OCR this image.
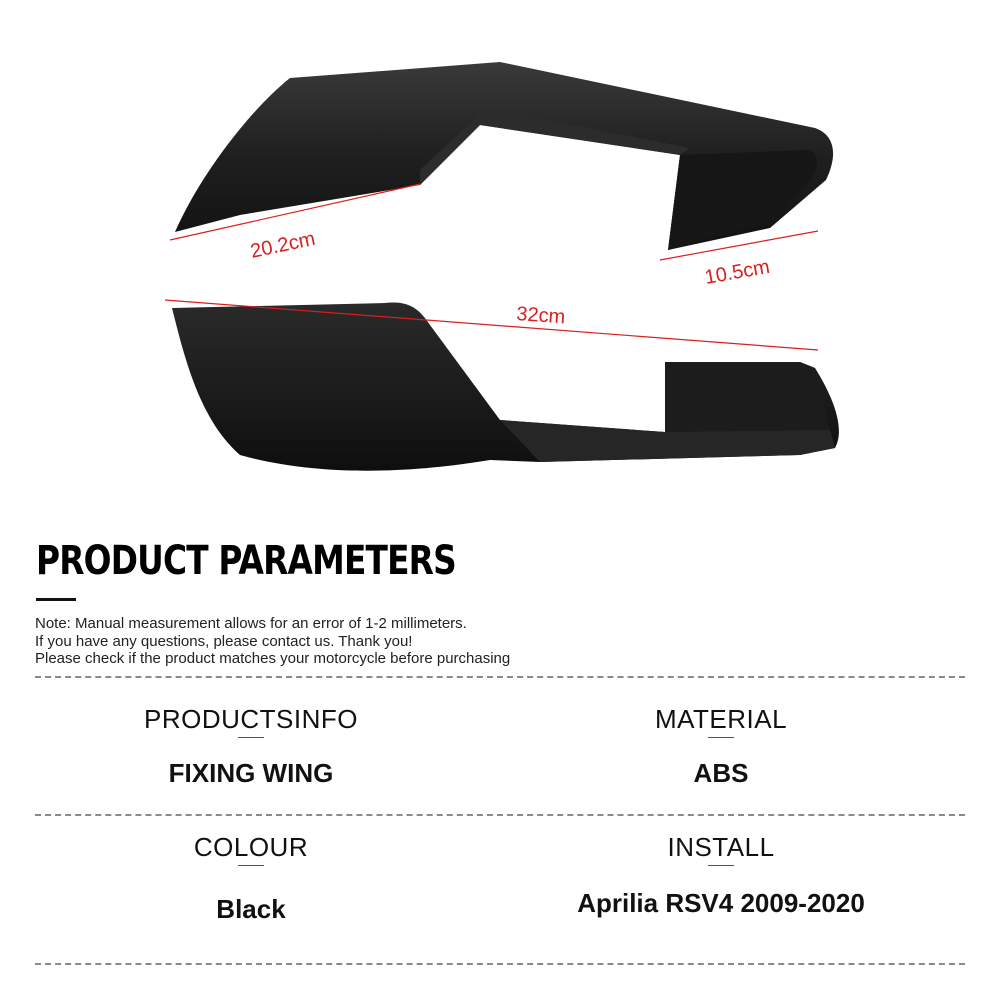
20.2cm
10.5cm
32cm
PRODUCT PARAMETERS
Note: Manual measurement allows for an error of 1-2 millimeters.
If you have any questions, please contact us. Thank you!
Please check if the product matches your motorcycle before purchasing
PRODUCTSINFO
FIXING WING
MATERIAL
ABS
COLOUR
Black
INSTALL
Aprilia RSV4 2009-2020
